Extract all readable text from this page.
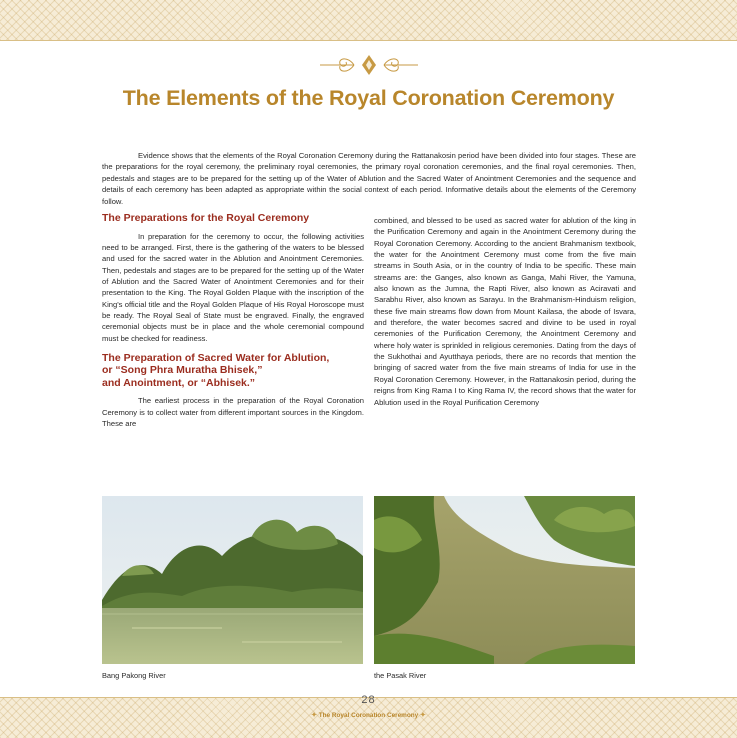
The Elements of the Royal Coronation Ceremony

Evidence shows that the elements of the Royal Coronation Ceremony during the Rattanakosin period have been divided into four stages. These are the preparations for the royal ceremony, the preliminary royal ceremonies, the primary royal coronation ceremonies, and the final royal ceremonies. Then, pedestals and stages are to be prepared for the setting up of the Water of Ablution and the Sacred Water of Anointment Ceremonies and the sequence and details of each ceremony has been adapted as appropriate within the social context of each period. Informative details about the elements of the Ceremony follow.

The Preparations for the Royal Ceremony

In preparation for the ceremony to occur, the following activities need to be arranged. First, there is the gathering of the waters to be blessed and used for the sacred water in the Ablution and Anointment Ceremonies. Then, pedestals and stages are to be prepared for the setting up of the Water of Ablution and the Sacred Water of Anointment Ceremonies and for their presentation to the King. The Royal Golden Plaque with the inscription of the King's official title and the Royal Golden Plaque of His Royal Horoscope must be ready. The Royal Seal of State must be engraved. Finally, the engraved ceremonial objects must be in place and the whole ceremonial compound must be checked for readiness.

The Preparation of Sacred Water for Ablution,
or “Song Phra Muratha Bhisek,”
and Anointment, or “Abhisek.”

The earliest process in the preparation of the Royal Coronation Ceremony is to collect water from different important sources in the Kingdom. These are

combined, and blessed to be used as sacred water for ablution of the king in the Purification Ceremony and again in the Anointment Ceremony during the Royal Coronation Ceremony. According to the ancient Brahmanism textbook, the water for the Anointment Ceremony must come from the five main streams in South Asia, or in the country of India to be specific. These main streams are: the Ganges, also known as Ganga, Mahi River, the Yamuna, also known as the Jumna, the Rapti River, also known as Aciravati and Sarabhu River, also known as Sarayu. In the Brahmanism-Hinduism religion, these five main streams flow down from Mount Kailasa, the abode of Isvara, and therefore, the water becomes sacred and divine to be used in royal ceremonies of the Purification Ceremony, the Anointment Ceremony and where holy water is sprinkled in religious ceremonies. Dating from the days of the Sukhothai and Ayutthaya periods, there are no records that mention the bringing of sacred water from the five main streams of India for use in the Royal Coronation Ceremony. However, in the Rattanakosin period, during the reigns from King Rama I to King Rama IV, the record shows that the water for Ablution used in the Royal Purification Ceremony

Bang Pakong River	the Pasak River
28
✦ The Royal Coronation Ceremony ✦
